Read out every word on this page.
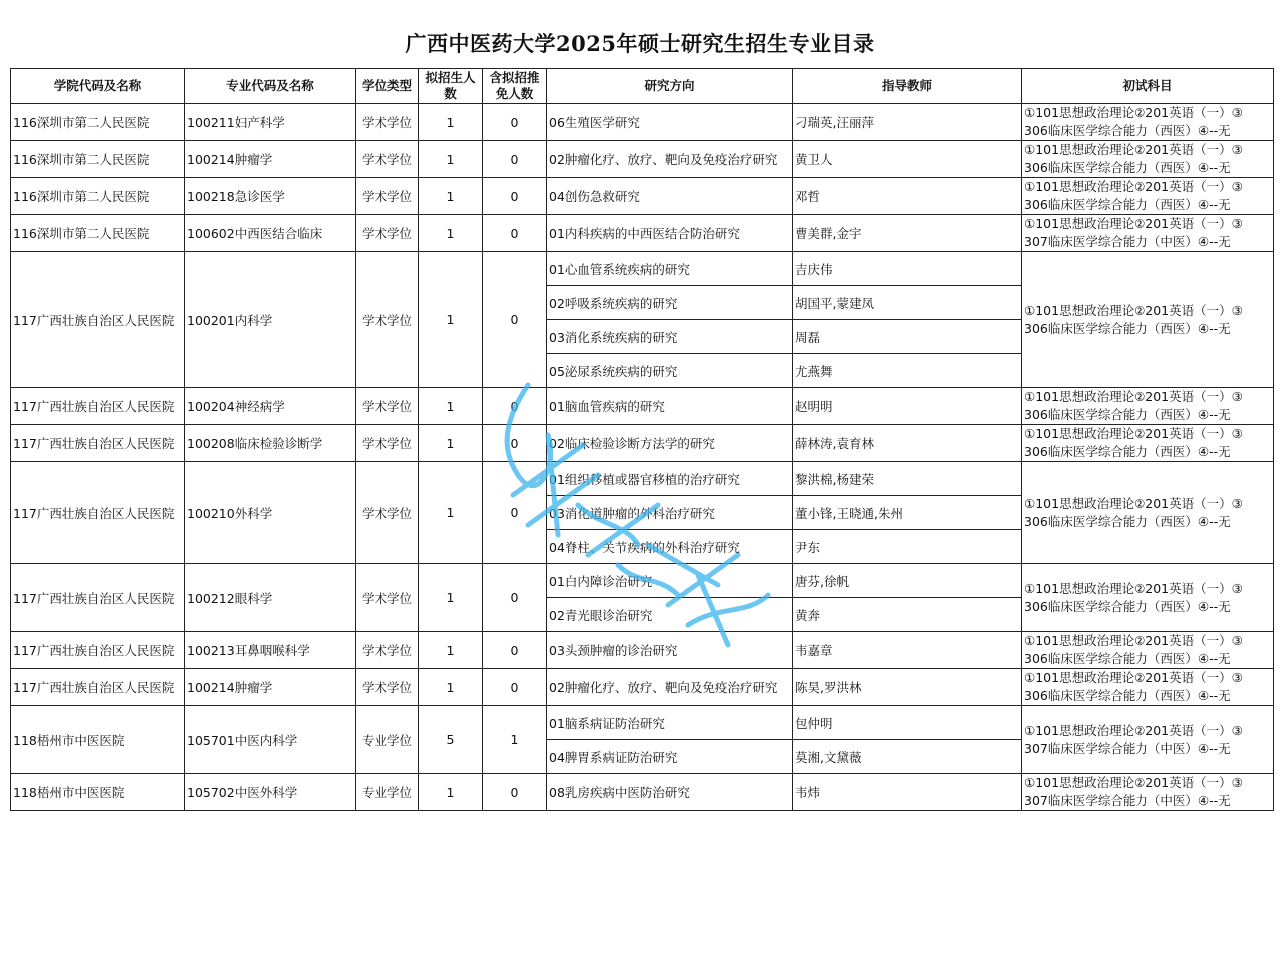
广西中医药大学2025年硕士研究生招生专业目录
学院代码及名称	专业代码及名称	学位类型	拟招生人数	含拟招推免人数	研究方向	指导教师	初试科目
116深圳市第二人民医院	100211妇产科学	学术学位	1	0	06生殖医学研究	刁瑞英,汪丽萍	①101思想政治理论②201英语（一）③
306临床医学综合能力（西医）④--无

116深圳市第二人民医院	100214肿瘤学	学术学位	1	0	02肿瘤化疗、放疗、靶向及免疫治疗研究	黄卫人	①101思想政治理论②201英语（一）③
306临床医学综合能力（西医）④--无

116深圳市第二人民医院	100218急诊医学	学术学位	1	0	04创伤急救研究	邓哲	①101思想政治理论②201英语（一）③
306临床医学综合能力（西医）④--无

116深圳市第二人民医院	100602中西医结合临床	学术学位	1	0	01内科疾病的中西医结合防治研究	曹美群,金宇	①101思想政治理论②201英语（一）③
307临床医学综合能力（中医）④--无

117广西壮族自治区人民医院	100201内科学	学术学位	1	0	01心血管系统疾病的研究	吉庆伟	①101思想政治理论②201英语（一）③
306临床医学综合能力（西医）④--无

					02呼吸系统疾病的研究	胡国平,蒙建凤	
					03消化系统疾病的研究	周磊	
					05泌尿系统疾病的研究	尤燕舞	
117广西壮族自治区人民医院	100204神经病学	学术学位	1	0	01脑血管疾病的研究	赵明明	①101思想政治理论②201英语（一）③
306临床医学综合能力（西医）④--无

117广西壮族自治区人民医院	100208临床检验诊断学	学术学位	1	0	02临床检验诊断方法学的研究	薛林涛,袁育林	①101思想政治理论②201英语（一）③
306临床医学综合能力（西医）④--无

117广西壮族自治区人民医院	100210外科学	学术学位	1	0	01组织移植或器官移植的治疗研究	黎洪棉,杨建荣	①101思想政治理论②201英语（一）③
306临床医学综合能力（西医）④--无

					03消化道肿瘤的外科治疗研究	董小锋,王晓通,朱州	
					04脊柱、关节疾病的外科治疗研究	尹东	
117广西壮族自治区人民医院	100212眼科学	学术学位	1	0	01白内障诊治研究	唐芬,徐帆	①101思想政治理论②201英语（一）③
306临床医学综合能力（西医）④--无

					02青光眼诊治研究	黄奔	
117广西壮族自治区人民医院	100213耳鼻咽喉科学	学术学位	1	0	03头颈肿瘤的诊治研究	韦嘉章	①101思想政治理论②201英语（一）③
306临床医学综合能力（西医）④--无

117广西壮族自治区人民医院	100214肿瘤学	学术学位	1	0	02肿瘤化疗、放疗、靶向及免疫治疗研究	陈昊,罗洪林	①101思想政治理论②201英语（一）③
306临床医学综合能力（西医）④--无

118梧州市中医医院	105701中医内科学	专业学位	5	1	01脑系病证防治研究	包仲明	①101思想政治理论②201英语（一）③
307临床医学综合能力（中医）④--无

					04脾胃系病证防治研究	莫湘,文黛薇	
118梧州市中医医院	105702中医外科学	专业学位	1	0	08乳房疾病中医防治研究	韦炜	①101思想政治理论②201英语（一）③
307临床医学综合能力（中医）④--无
